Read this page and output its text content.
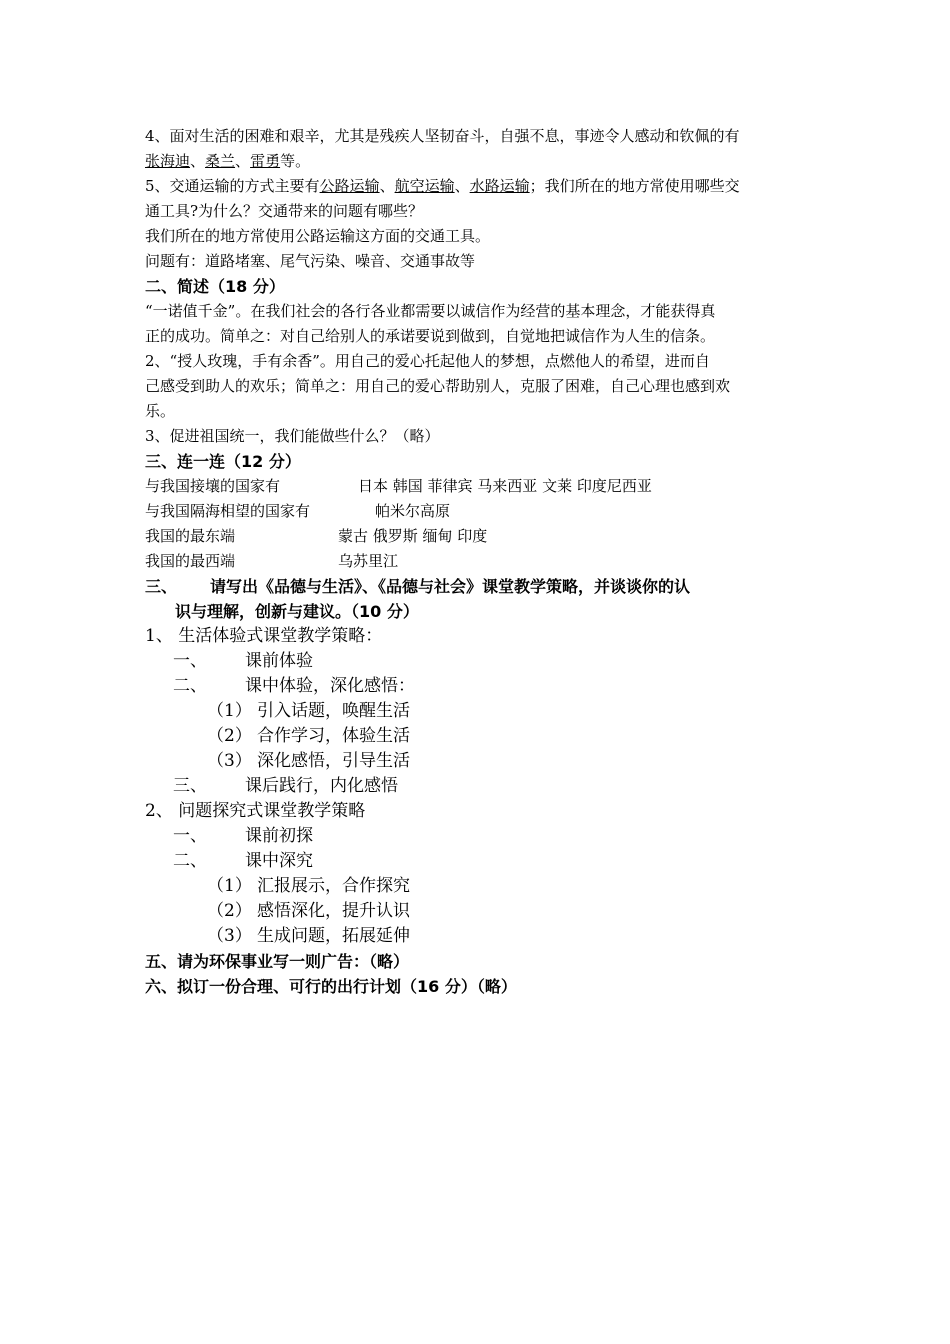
4、面对生活的困难和艰辛，尤其是残疾人坚韧奋斗，自强不息，事迹令人感动和钦佩的有
张海迪、桑兰、雷勇等。
5、交通运输的方式主要有公路运输、航空运输、水路运输；我们所在的地方常使用哪些交
通工具?为什么？交通带来的问题有哪些？
我们所在的地方常使用公路运输这方面的交通工具。
问题有：道路堵塞、尾气污染、噪音、交通事故等
二、简述（18 分）
“一诺值千金”。在我们社会的各行各业都需要以诚信作为经营的基本理念，才能获得真
正的成功。简单之：对自己给别人的承诺要说到做到，自觉地把诚信作为人生的信条。
2、“授人玫瑰，手有余香”。用自己的爱心托起他人的梦想，点燃他人的希望，进而自
己感受到助人的欢乐；简单之：用自己的爱心帮助别人，克服了困难，自己心理也感到欢
乐。
3、促进祖国统一，我们能做些什么？（略）
三、连一连（12 分）
与我国接壤的国家有	日本 韩国 菲律宾 马来西亚 文莱 印度尼西亚
与我国隔海相望的国家有	帕米尔高原
我国的最东端	蒙古 俄罗斯 缅甸 印度
我国的最西端	乌苏里江
三、 请写出《品德与生活》、《品德与社会》课堂教学策略，并谈谈你的认
识与理解，创新与建议。（10 分）
1、 生活体验式课堂教学策略：
一、 课前体验
二、 课中体验，深化感悟：
（1） 引入话题，唤醒生活
（2） 合作学习，体验生活
（3） 深化感悟，引导生活
三、 课后践行，内化感悟
2、 问题探究式课堂教学策略
一、 课前初探
二、 课中深究
（1） 汇报展示，合作探究
（2） 感悟深化，提升认识
（3） 生成问题，拓展延伸
五、请为环保事业写一则广告：（略）
六、拟订一份合理、可行的出行计划（16 分）（略）
